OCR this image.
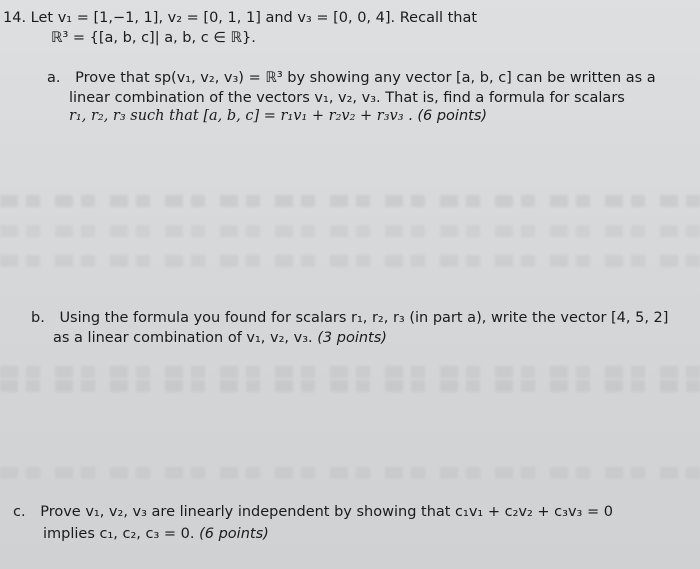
14. Let v₁ = [1,−1, 1], v₂ = [0, 1, 1] and v₃ = [0, 0, 4]. Recall that
ℝ³ = {[a, b, c]| a, b, c ∈ ℝ}.
a. Prove that sp(v₁, v₂, v₃) = ℝ³ by showing any vector [a, b, c] can be written as a
linear combination of the vectors v₁, v₂, v₃. That is, find a formula for scalars
r₁, r₂, r₃ such that [a, b, c] = r₁v₁ + r₂v₂ + r₃v₃ . (6 points)
b. Using the formula you found for scalars r₁, r₂, r₃ (in part a), write the vector [4, 5, 2]
as a linear combination of v₁, v₂, v₃. (3 points)
c. Prove v₁, v₂, v₃ are linearly independent by showing that c₁v₁ + c₂v₂ + c₃v₃ = 0
implies c₁, c₂, c₃ = 0. (6 points)
